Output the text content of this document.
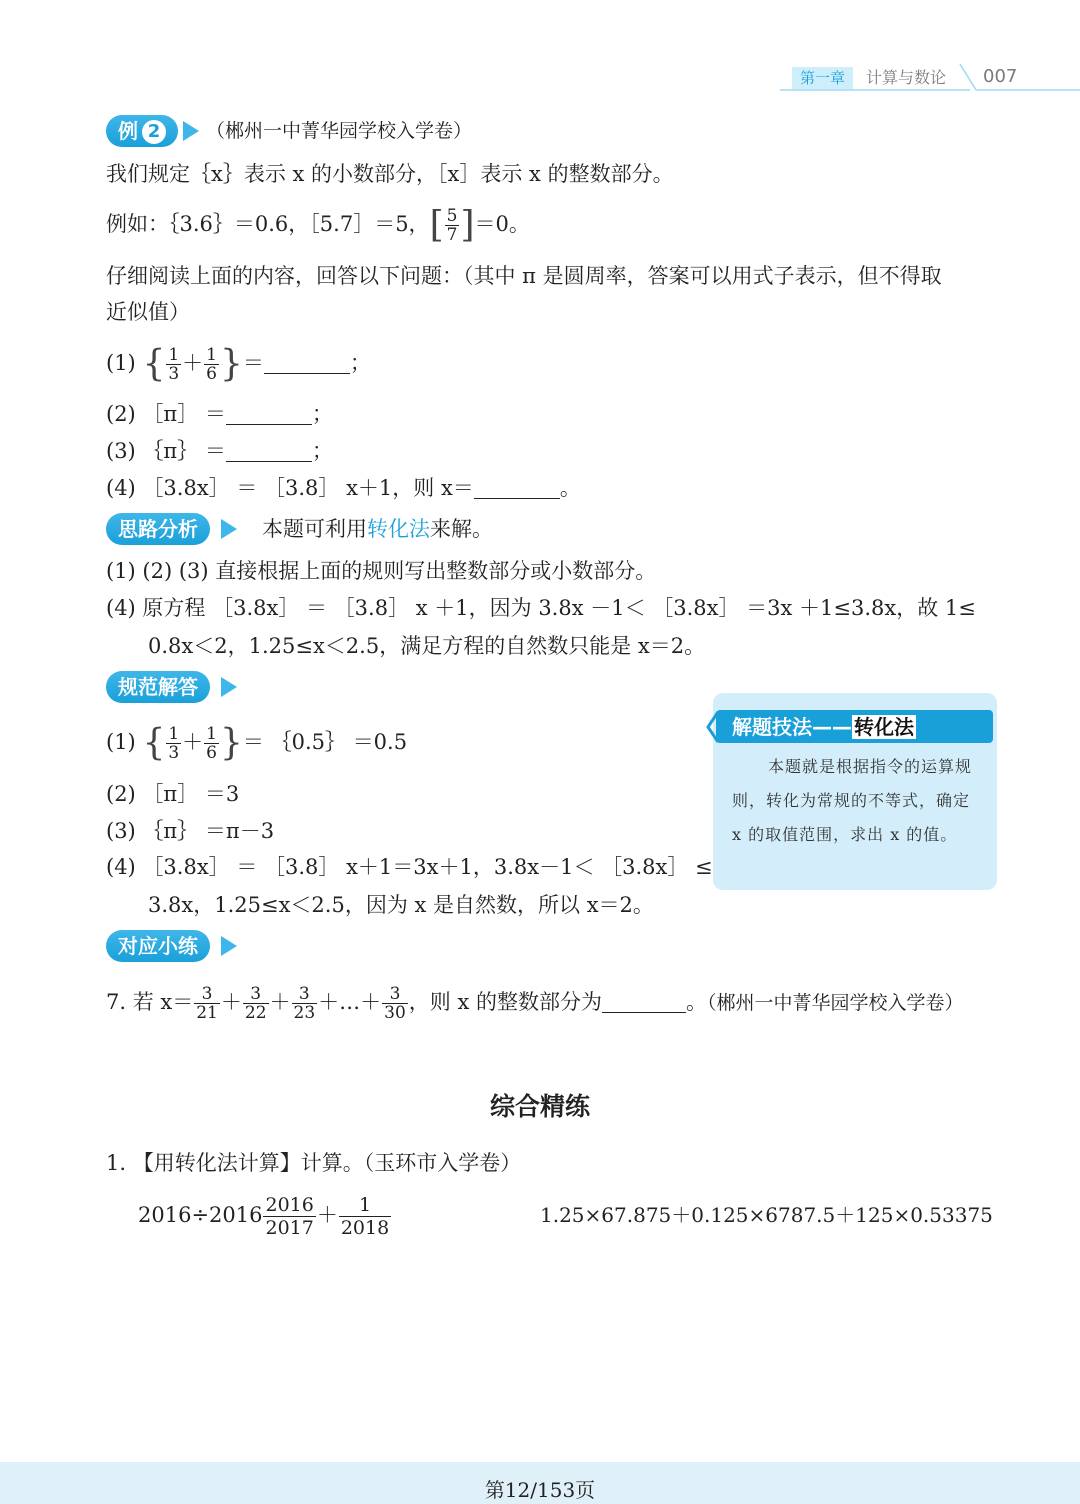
第一章	计算与数论 007
例 2	（郴州一中菁华园学校入学卷）
我们规定｛x｝表示 x 的小数部分，［x］表示 x 的整数部分。
例如：｛3.6｝＝0.6，［5.7］＝5，[ $\frac{5}{7} ]=0$。
仔细阅读上面的内容，回答以下问题：（其中 π 是圆周率，答案可以用式子表示，但不得取
近似值）
(1) { $\frac{1}{3} + \frac{1}{6}$ }＝	；
(2) ［π］ ＝	；
(3) ｛π｝ ＝	；
(4) ［3.8x］ ＝ ［3.8］ x＋1，则 x＝	。
思路分析	本题可利用转化法来解。
(1) (2) (3) 直接根据上面的规则写出整数部分或小数部分。
(4) 原方程 ［3.8x］ ＝ ［3.8］ x ＋1，因为 3.8x －1＜ ［3.8x］ ＝3x ＋1≤3.8x，故 1≤
0.8x＜2，1.25≤x＜2.5，满足方程的自然数只能是 x＝2。
规范解答
(1) { $\frac{1}{3} + \frac{1}{6}$ }＝ ｛0.5｝ ＝0.5
(2) ［π］ ＝3
(3) ｛π｝ ＝π－3
(4) ［3.8x］ ＝ ［3.8］ x＋1＝3x＋1，3.8x－1＜ ［3.8x］ ≤
3.8x，1.25≤x＜2.5，因为 x 是自然数，所以 x＝2。
解题技法—— 转化法
本题就是根据指令的运算规则，转化为常规的不等式，确定 x 的取值范围，求出 x 的值。
对应小练
7. 若 $x= \frac{3}{21} + \frac{3}{22} + \frac{3}{23}$ ＋…＋ $\frac{3}{30}$ ，则 x 的整数部分为	。（郴州一中菁华园学校入学卷）
综合精练
1. 【用转化法计算】计算。（玉环市入学卷）
$2016\div 2016 \frac{2016}{2017} + \frac{1}{2018}$	1.25×67.875＋0.125×6787.5＋125×0.53375
第12/153页
